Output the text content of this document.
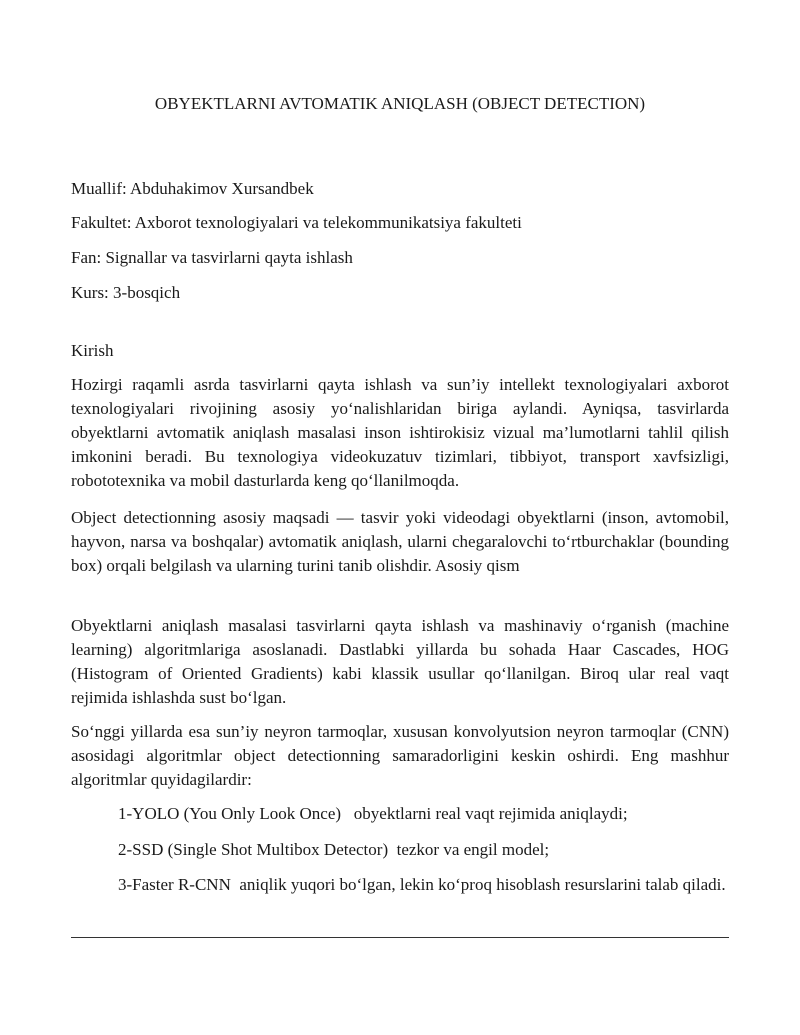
OBYEKTLARNI AVTOMATIK ANIQLASH (OBJECT DETECTION)
Muallif: Abduhakimov Xursandbek
Fakultet: Axborot texnologiyalari va telekommunikatsiya fakulteti
Fan: Signallar va tasvirlarni qayta ishlash
Kurs: 3-bosqich
Kirish

Hozirgi raqamli asrda tasvirlarni qayta ishlash va sun’iy intellekt texnologiyalari axborot texnologiyalari rivojining asosiy yo‘nalishlaridan biriga aylandi. Ayniqsa, tasvirlarda obyektlarni avtomatik aniqlash masalasi inson ishtirokisiz vizual ma’lumotlarni tahlil qilish imkonini beradi. Bu texnologiya videokuzatuv tizimlari, tibbiyot, transport xavfsizligi, robototexnika va mobil dasturlarda keng qo‘llanilmoqda.

Object detectionning asosiy maqsadi — tasvir yoki videodagi obyektlarni (inson, avtomobil, hayvon, narsa va boshqalar) avtomatik aniqlash, ularni chegaralovchi to‘rtburchaklar (bounding box) orqali belgilash va ularning turini tanib olishdir. Asosiy qism

Obyektlarni aniqlash masalasi tasvirlarni qayta ishlash va mashinaviy o‘rganish (machine learning) algoritmlariga asoslanadi. Dastlabki yillarda bu sohada Haar Cascades, HOG (Histogram of Oriented Gradients) kabi klassik usullar qo‘llanilgan. Biroq ular real vaqt rejimida ishlashda sust bo‘lgan.

So‘nggi yillarda esa sun’iy neyron tarmoqlar, xususan konvolyutsion neyron tarmoqlar (CNN) asosidagi algoritmlar object detectionning samaradorligini keskin oshirdi. Eng mashhur algoritmlar quyidagilardir:

1-YOLO (You Only Look Once)   obyektlarni real vaqt rejimida aniqlaydi;

2-SSD (Single Shot Multibox Detector)  tezkor va engil model;

3-Faster R-CNN  aniqlik yuqori bo‘lgan, lekin ko‘proq hisoblash resurslarini talab qiladi.
